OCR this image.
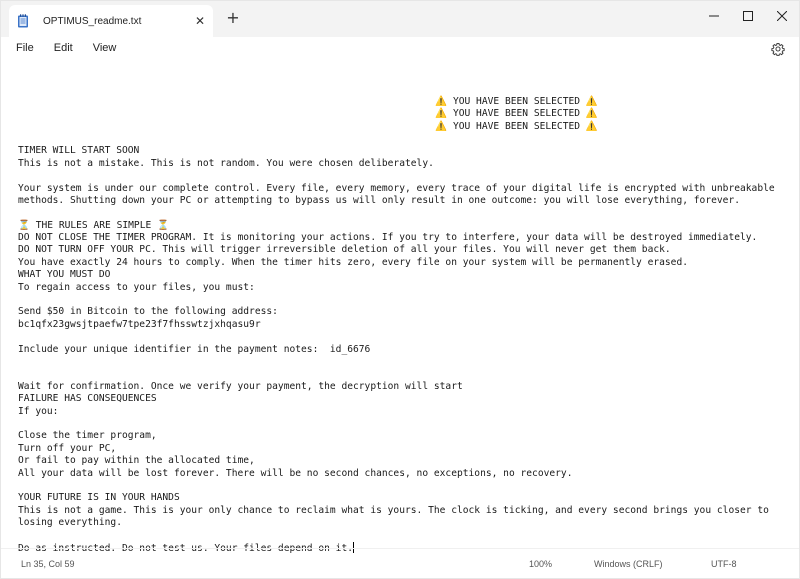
OPTIMUS_readme.txt	✕	+
File Edit View
⚠️ YOU HAVE BEEN SELECTED ⚠️
⚠️ YOU HAVE BEEN SELECTED ⚠️
⚠️ YOU HAVE BEEN SELECTED ⚠️
TIMER WILL START SOON
This is not a mistake. This is not random. You were chosen deliberately.
Your system is under our complete control. Every file, every memory, every trace of your digital life is encrypted with unbreakable
methods. Shutting down your PC or attempting to bypass us will only result in one outcome: you will lose everything, forever.
⏳ THE RULES ARE SIMPLE ⏳
DO NOT CLOSE THE TIMER PROGRAM. It is monitoring your actions. If you try to interfere, your data will be destroyed immediately.
DO NOT TURN OFF YOUR PC. This will trigger irreversible deletion of all your files. You will never get them back.
You have exactly 24 hours to comply. When the timer hits zero, every file on your system will be permanently erased.
WHAT YOU MUST DO
To regain access to your files, you must:
Send $50 in Bitcoin to the following address:
bc1qfx23gwsjtpaefw7tpe23f7fhsswtzjxhqasu9r
Include your unique identifier in the payment notes:  id_6676
Wait for confirmation. Once we verify your payment, the decryption will start
FAILURE HAS CONSEQUENCES
If you:
Close the timer program,
Turn off your PC,
Or fail to pay within the allocated time,
All your data will be lost forever. There will be no second chances, no exceptions, no recovery.
YOUR FUTURE IS IN YOUR HANDS
This is not a game. This is your only chance to reclaim what is yours. The clock is ticking, and every second brings you closer to
losing everything.
Do as instructed. Do not test us. Your files depend on it.
Ln 35, Col 59	100%	Windows (CRLF)	UTF-8
